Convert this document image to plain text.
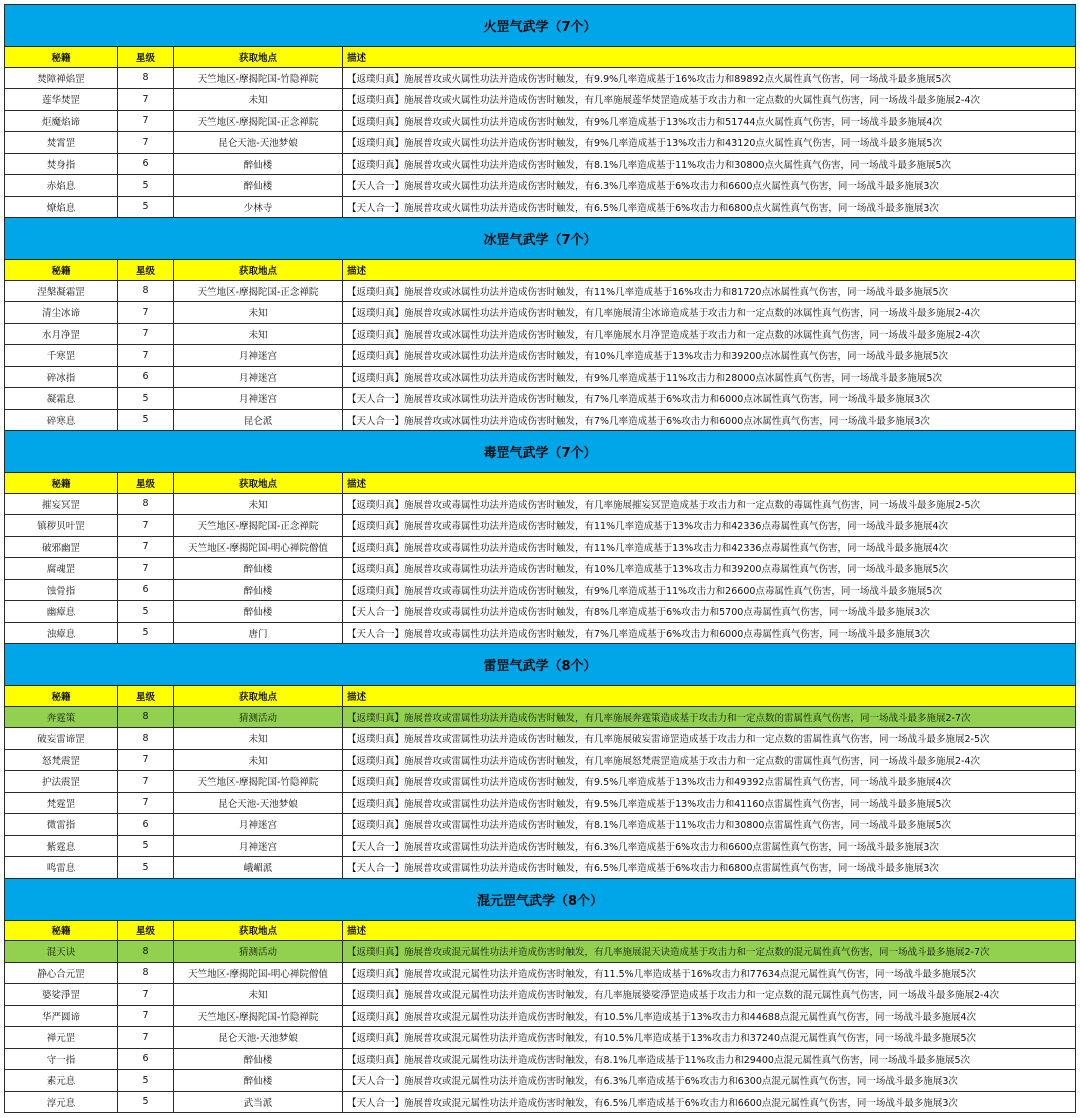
火罡气武学（7个）			
秘籍	星级	获取地点	描述
焚障禅焰罡	8	天竺地区-摩揭陀国-竹隐禅院	【返璞归真】施展普攻或火属性功法并造成伤害时触发，有9.9%几率造成基于16%攻击力和89892点火属性真气伤害，同一场战斗最多施展5次
莲华焚罡	7	未知	【返璞归真】施展普攻或火属性功法并造成伤害时触发，有几率施展莲华焚罡造成基于攻击力和一定点数的火属性真气伤害，同一场战斗最多施展2-4次
炬魔焰谛	7	天竺地区-摩揭陀国-正念禅院	【返璞归真】施展普攻或火属性功法并造成伤害时触发，有9%几率造成基于13%攻击力和51744点火属性真气伤害，同一场战斗最多施展4次
焚霄罡	7	昆仑天池-天池梦娘	【返璞归真】施展普攻或火属性功法并造成伤害时触发，有9%几率造成基于13%攻击力和43120点火属性真气伤害，同一场战斗最多施展5次
焚身指	6	醉仙楼	【返璞归真】施展普攻或火属性功法并造成伤害时触发，有8.1%几率造成基于11%攻击力和30800点火属性真气伤害，同一场战斗最多施展5次
赤焰息	5	醉仙楼	【天人合一】施展普攻或火属性功法并造成伤害时触发，有6.3%几率造成基于6%攻击力和6600点火属性真气伤害，同一场战斗最多施展3次
燎焰息	5	少林寺	【天人合一】施展普攻或火属性功法并造成伤害时触发，有6.5%几率造成基于6%攻击力和6800点火属性真气伤害，同一场战斗最多施展3次
冰罡气武学（7个）			
秘籍	星级	获取地点	描述
涅槃凝霜罡	8	天竺地区-摩揭陀国-正念禅院	【返璞归真】施展普攻或冰属性功法并造成伤害时触发，有11%几率造成基于16%攻击力和81720点冰属性真气伤害，同一场战斗最多施展5次
清尘冰谛	7	未知	【返璞归真】施展普攻或冰属性功法并造成伤害时触发，有几率施展清尘冰谛造成基于攻击力和一定点数的冰属性真气伤害，同一场战斗最多施展2-4次
水月净罡	7	未知	【返璞归真】施展普攻或冰属性功法并造成伤害时触发，有几率施展水月净罡造成基于攻击力和一定点数的冰属性真气伤害，同一场战斗最多施展2-4次
千寒罡	7	月神迷宫	【返璞归真】施展普攻或冰属性功法并造成伤害时触发，有10%几率造成基于13%攻击力和39200点冰属性真气伤害，同一场战斗最多施展5次
碎冰指	6	月神迷宫	【返璞归真】施展普攻或冰属性功法并造成伤害时触发，有9%几率造成基于11%攻击力和28000点冰属性真气伤害，同一场战斗最多施展5次
凝霜息	5	月神迷宫	【天人合一】施展普攻或冰属性功法并造成伤害时触发，有7%几率造成基于6%攻击力和6000点冰属性真气伤害，同一场战斗最多施展3次
碎寒息	5	昆仑派	【天人合一】施展普攻或冰属性功法并造成伤害时触发，有7%几率造成基于6%攻击力和6000点冰属性真气伤害，同一场战斗最多施展3次
毒罡气武学（7个）			
秘籍	星级	获取地点	描述
摧妄冥罡	8	未知	【返璞归真】施展普攻或毒属性功法并造成伤害时触发，有几率施展摧妄冥罡造成基于攻击力和一定点数的毒属性真气伤害，同一场战斗最多施展2-5次
镇秽贝叶罡	7	天竺地区-摩揭陀国-正念禅院	【返璞归真】施展普攻或毒属性功法并造成伤害时触发，有11%几率造成基于13%攻击力和42336点毒属性真气伤害，同一场战斗最多施展4次
破邪幽罡	7	天竺地区-摩揭陀国-明心禅院僧值	【返璞归真】施展普攻或毒属性功法并造成伤害时触发，有11%几率造成基于13%攻击力和42336点毒属性真气伤害，同一场战斗最多施展4次
腐魂罡	7	醉仙楼	【返璞归真】施展普攻或毒属性功法并造成伤害时触发，有10%几率造成基于13%攻击力和39200点毒属性真气伤害，同一场战斗最多施展5次
蚀骨指	6	醉仙楼	【返璞归真】施展普攻或毒属性功法并造成伤害时触发，有9%几率造成基于11%攻击力和26600点毒属性真气伤害，同一场战斗最多施展5次
幽瘴息	5	醉仙楼	【天人合一】施展普攻或毒属性功法并造成伤害时触发，有8%几率造成基于6%攻击力和5700点毒属性真气伤害，同一场战斗最多施展3次
浊瘴息	5	唐门	【天人合一】施展普攻或毒属性功法并造成伤害时触发，有7%几率造成基于6%攻击力和6000点毒属性真气伤害，同一场战斗最多施展3次
雷罡气武学（8个）			
秘籍	星级	获取地点	描述
奔霆策	8	猜测活动	【返璞归真】施展普攻或雷属性功法并造成伤害时触发，有几率施展奔霆策造成基于攻击力和一定点数的雷属性真气伤害，同一场战斗最多施展2-7次
破妄雷谛罡	8	未知	【返璞归真】施展普攻或雷属性功法并造成伤害时触发，有几率施展破妄雷谛罡造成基于攻击力和一定点数的雷属性真气伤害，同一场战斗最多施展2-5次
怒梵震罡	7	未知	【返璞归真】施展普攻或雷属性功法并造成伤害时触发，有几率施展怒梵震罡造成基于攻击力和一定点数的雷属性真气伤害，同一场战斗最多施展2-4次
护法震罡	7	天竺地区-摩揭陀国-竹隐禅院	【返璞归真】施展普攻或雷属性功法并造成伤害时触发，有9.5%几率造成基于13%攻击力和49392点雷属性真气伤害，同一场战斗最多施展4次
梵霆罡	7	昆仑天池-天池梦娘	【返璞归真】施展普攻或雷属性功法并造成伤害时触发，有9.5%几率造成基于13%攻击力和41160点雷属性真气伤害，同一场战斗最多施展5次
微雷指	6	月神迷宫	【返璞归真】施展普攻或雷属性功法并造成伤害时触发，有8.1%几率造成基于11%攻击力和30800点雷属性真气伤害，同一场战斗最多施展5次
紫霆息	5	月神迷宫	【天人合一】施展普攻或雷属性功法并造成伤害时触发，有6.3%几率造成基于6%攻击力和6600点雷属性真气伤害，同一场战斗最多施展3次
鸣雷息	5	峨嵋派	【天人合一】施展普攻或雷属性功法并造成伤害时触发，有6.5%几率造成基于6%攻击力和6800点雷属性真气伤害，同一场战斗最多施展3次
混元罡气武学（8个）			
秘籍	星级	获取地点	描述
混天诀	8	猜测活动	【返璞归真】施展普攻或混元属性功法并造成伤害时触发，有几率施展混天诀造成基于攻击力和一定点数的混元属性真气伤害，同一场战斗最多施展2-7次
静心合元罡	8	天竺地区-摩揭陀国-明心禅院僧值	【返璞归真】施展普攻或混元属性功法并造成伤害时触发，有11.5%几率造成基于16%攻击力和77634点混元属性真气伤害，同一场战斗最多施展5次
婆娑淨罡	7	未知	【返璞归真】施展普攻或混元属性功法并造成伤害时触发，有几率施展婆娑淨罡造成基于攻击力和一定点数的混元属性真气伤害，同一场战斗最多施展2-4次
华严圆谛	7	天竺地区-摩揭陀国-竹隐禅院	【返璞归真】施展普攻或混元属性功法并造成伤害时触发，有10.5%几率造成基于13%攻击力和44688点混元属性真气伤害，同一场战斗最多施展4次
禅元罡	7	昆仑天池-天池梦娘	【返璞归真】施展普攻或混元属性功法并造成伤害时触发，有10.5%几率造成基于13%攻击力和37240点混元属性真气伤害，同一场战斗最多施展5次
守一指	6	醉仙楼	【返璞归真】施展普攻或混元属性功法并造成伤害时触发，有8.1%几率造成基于11%攻击力和29400点混元属性真气伤害，同一场战斗最多施展5次
素元息	5	醉仙楼	【天人合一】施展普攻或混元属性功法并造成伤害时触发，有6.3%几率造成基于6%攻击力和6300点混元属性真气伤害，同一场战斗最多施展3次
淳元息	5	武当派	【天人合一】施展普攻或混元属性功法并造成伤害时触发，有6.5%几率造成基于6%攻击力和6600点混元属性真气伤害，同一场战斗最多施展3次
